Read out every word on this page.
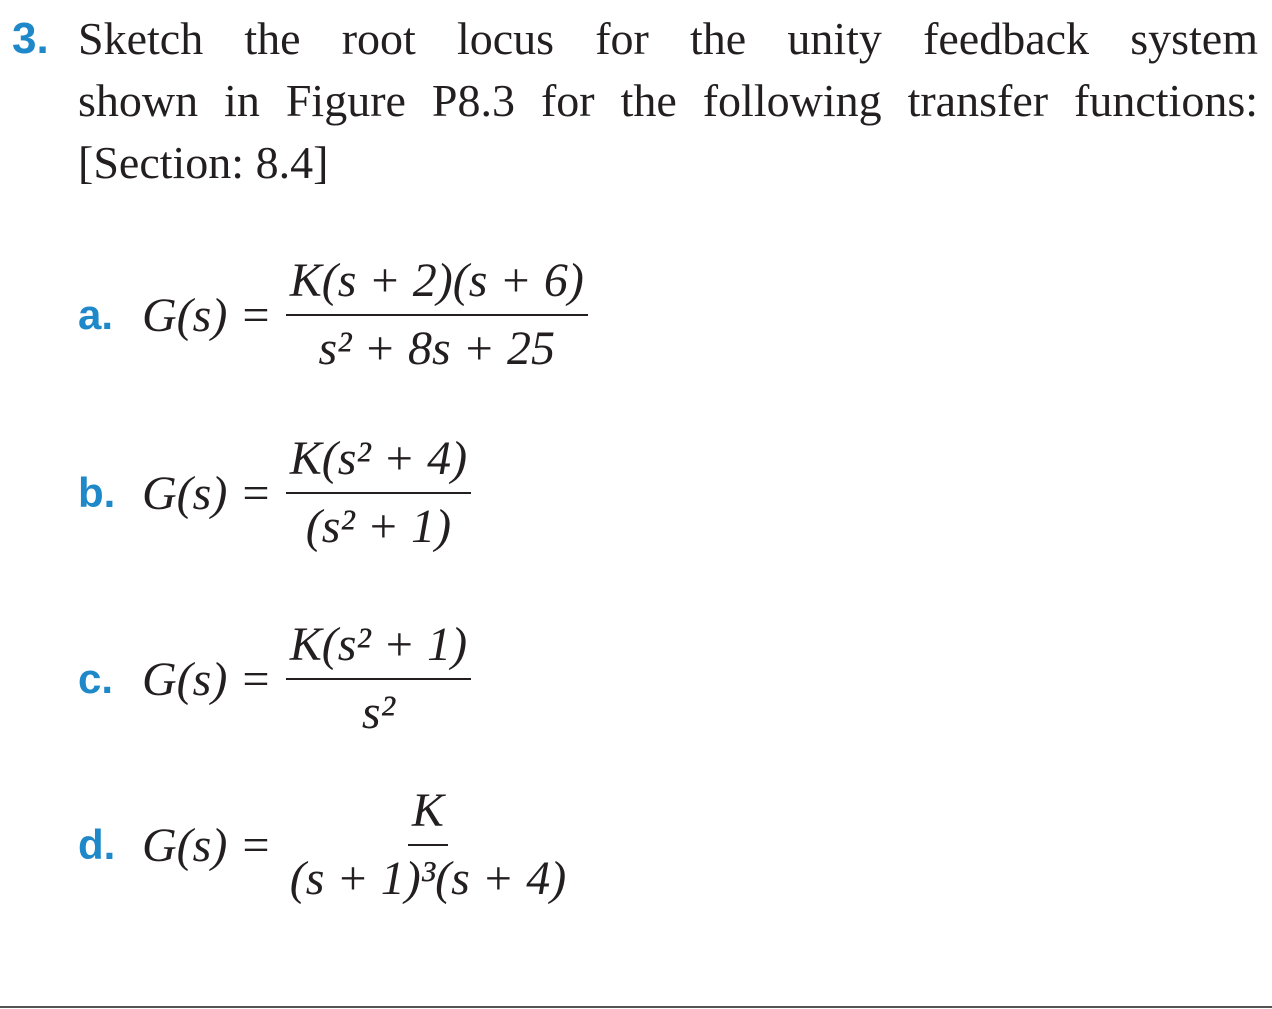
3. Sketch the root locus for the unity feedback system
shown in Figure P8.3 for the following transfer functions:
[Section: 8.4]
a. $G(s) = \frac{K(s + 2)(s + 6)}{\text{s² + 8s + 25}}$
b. $G(s) = \frac{\text{K(s² + 4)}}{\text{(s² + 1)}}$
c. $G(s) = \frac{\text{K(s² + 1)}}{\text{s²}}$
d. $G(s) = \frac{K}{\text{(s + 1)³(s + 4)}}$
